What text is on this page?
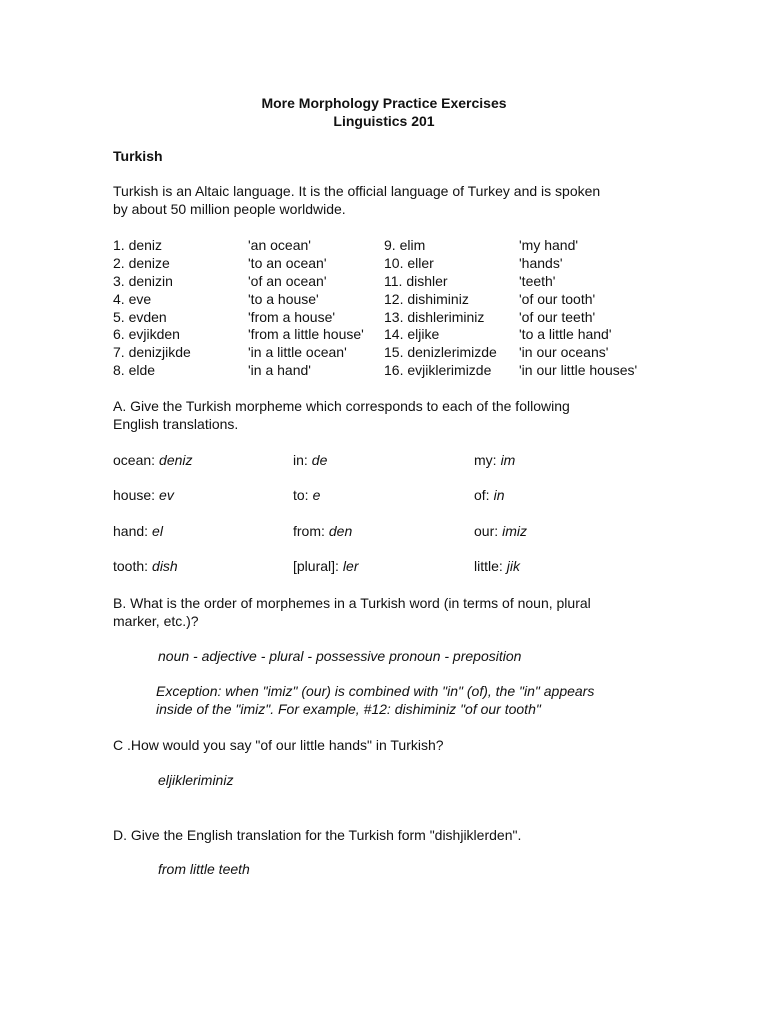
More Morphology Practice Exercises
Linguistics 201
Turkish
Turkish is an Altaic language. It is the official language of Turkey and is spoken
by about 50 million people worldwide.
1. deniz	'an ocean'	9. elim	'my hand'
2. denize	'to an ocean'	10. eller	'hands'
3. denizin	'of an ocean'	11. dishler	'teeth'
4. eve	'to a house'	12. dishiminiz	'of our tooth'
5. evden	'from a house'	13. dishleriminiz 'of our teeth'
6. evjikden	'from a little house' 14. eljike	'to a little hand'
7. denizjikde	'in a little ocean'	15. denizlerimizde 'in our oceans'
8. elde	'in a hand'	16. evjiklerimizde 'in our little houses'
A. Give the Turkish morpheme which corresponds to each of the following
English translations.
ocean: deniz	in: de	my: im
house: ev	to: e	of: in
hand: el	from: den	our: imiz
tooth: dish	[plural]: ler	little: jik
B. What is the order of morphemes in a Turkish word (in terms of noun, plural
marker, etc.)?
noun - adjective - plural - possessive pronoun - preposition
Exception: when "imiz" (our) is combined with "in" (of), the "in" appears
inside of the "imiz". For example, #12: dishiminiz "of our tooth"
C .How would you say "of our little hands" in Turkish?
eljikleriminiz
D. Give the English translation for the Turkish form "dishjiklerden".
from little teeth
